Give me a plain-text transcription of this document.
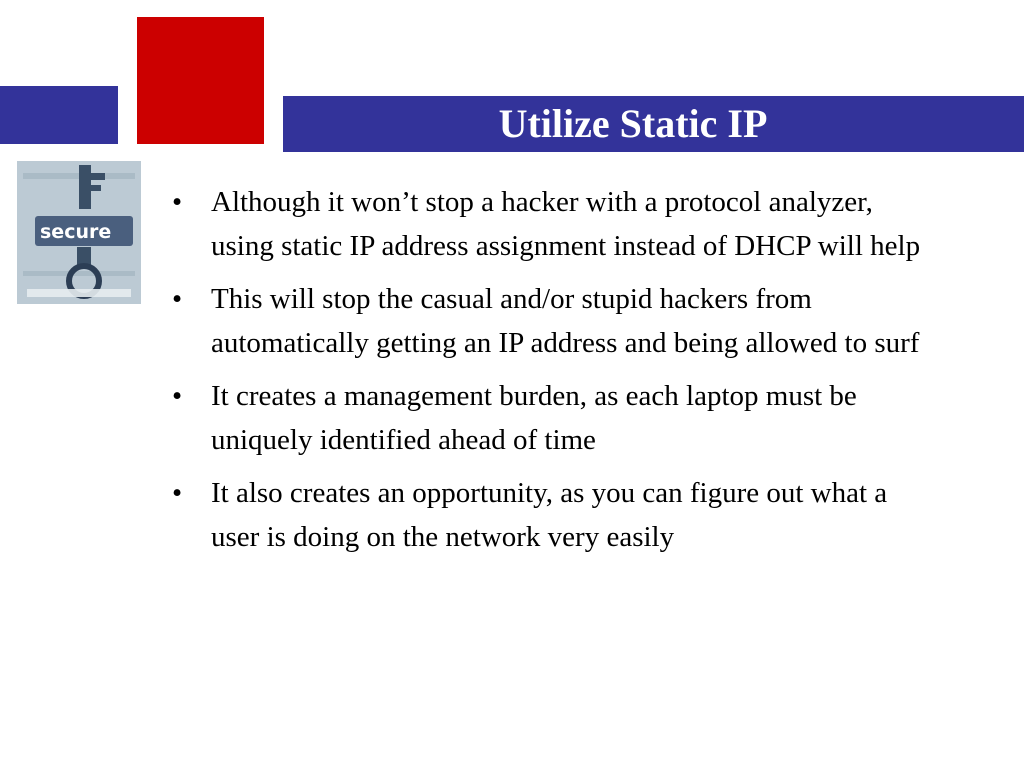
Utilize Static IP
secure
• Although it won’t stop a hacker with a protocol analyzer, using static IP address assignment instead of DHCP will help
• This will stop the casual and/or stupid hackers from automatically getting an IP address and being allowed to surf
• It creates a management burden, as each laptop must be uniquely identified ahead of time
• It also creates an opportunity, as you can figure out what a user is doing on the network very easily
